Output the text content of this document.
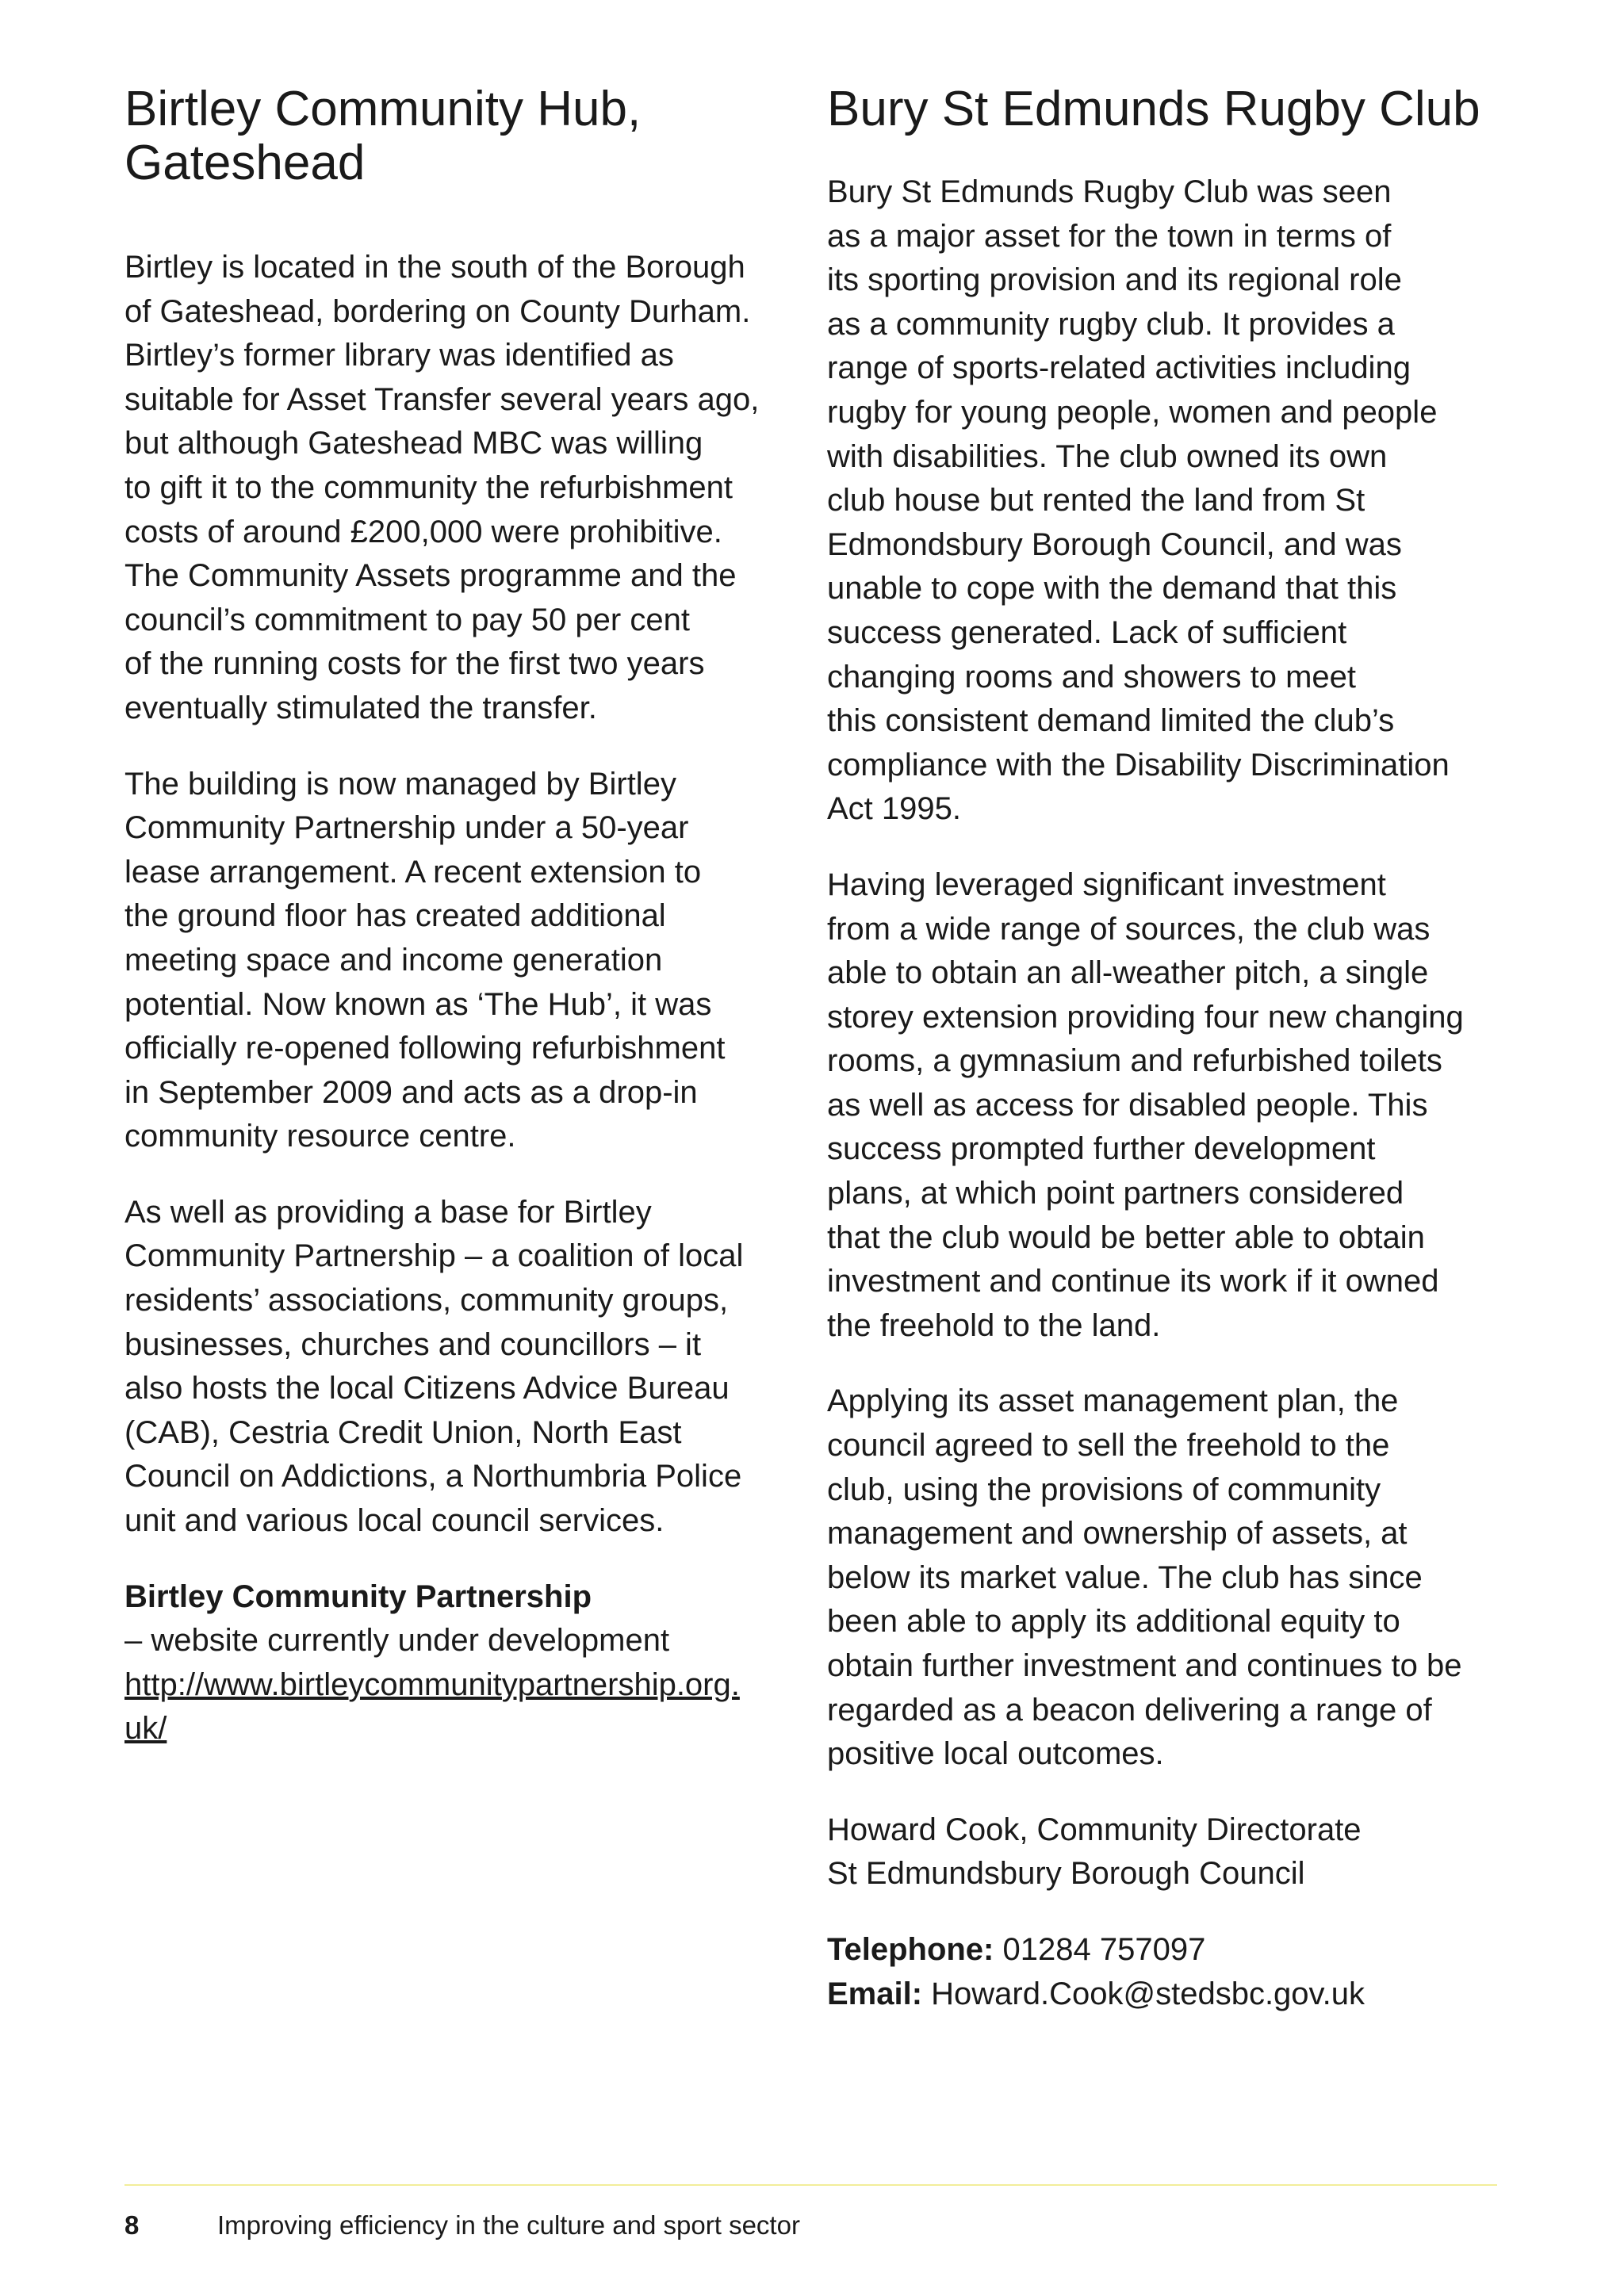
Birtley Community Hub,
Gateshead

Birtley is located in the south of the Borough
of Gateshead, bordering on County Durham.
Birtley’s former library was identified as
suitable for Asset Transfer several years ago,
but although Gateshead MBC was willing
to gift it to the community the refurbishment
costs of around £200,000 were prohibitive.
The Community Assets programme and the
council’s commitment to pay 50 per cent
of the running costs for the first two years
eventually stimulated the transfer.

The building is now managed by Birtley
Community Partnership under a 50-year
lease arrangement. A recent extension to
the ground floor has created additional
meeting space and income generation
potential. Now known as ‘The Hub’, it was
officially re-opened following refurbishment
in September 2009 and acts as a drop-in
community resource centre.

As well as providing a base for Birtley
Community Partnership – a coalition of local
residents’ associations, community groups,
businesses, churches and councillors – it
also hosts the local Citizens Advice Bureau
(CAB), Cestria Credit Union, North East
Council on Addictions, a Northumbria Police
unit and various local council services.

Birtley Community Partnership
– website currently under development
http://www.birtleycommunitypartnership.org.
uk/

Bury St Edmunds Rugby Club

Bury St Edmunds Rugby Club was seen
as a major asset for the town in terms of
its sporting provision and its regional role
as a community rugby club. It provides a
range of sports-related activities including
rugby for young people, women and people
with disabilities. The club owned its own
club house but rented the land from St
Edmondsbury Borough Council, and was
unable to cope with the demand that this
success generated. Lack of sufficient
changing rooms and showers to meet
this consistent demand limited the club’s
compliance with the Disability Discrimination
Act 1995.

Having leveraged significant investment
from a wide range of sources, the club was
able to obtain an all-weather pitch, a single
storey extension providing four new changing
rooms, a gymnasium and refurbished toilets
as well as access for disabled people. This
success prompted further development
plans, at which point partners considered
that the club would be better able to obtain
investment and continue its work if it owned
the freehold to the land.

Applying its asset management plan, the
council agreed to sell the freehold to the
club, using the provisions of community
management and ownership of assets, at
below its market value. The club has since
been able to apply its additional equity to
obtain further investment and continues to be
regarded as a beacon delivering a range of
positive local outcomes.

Howard Cook, Community Directorate
St Edmundsbury Borough Council

Telephone: 01284 757097
Email: Howard.Cook@stedsbc.gov.uk

8	Improving efficiency in the culture and sport sector
